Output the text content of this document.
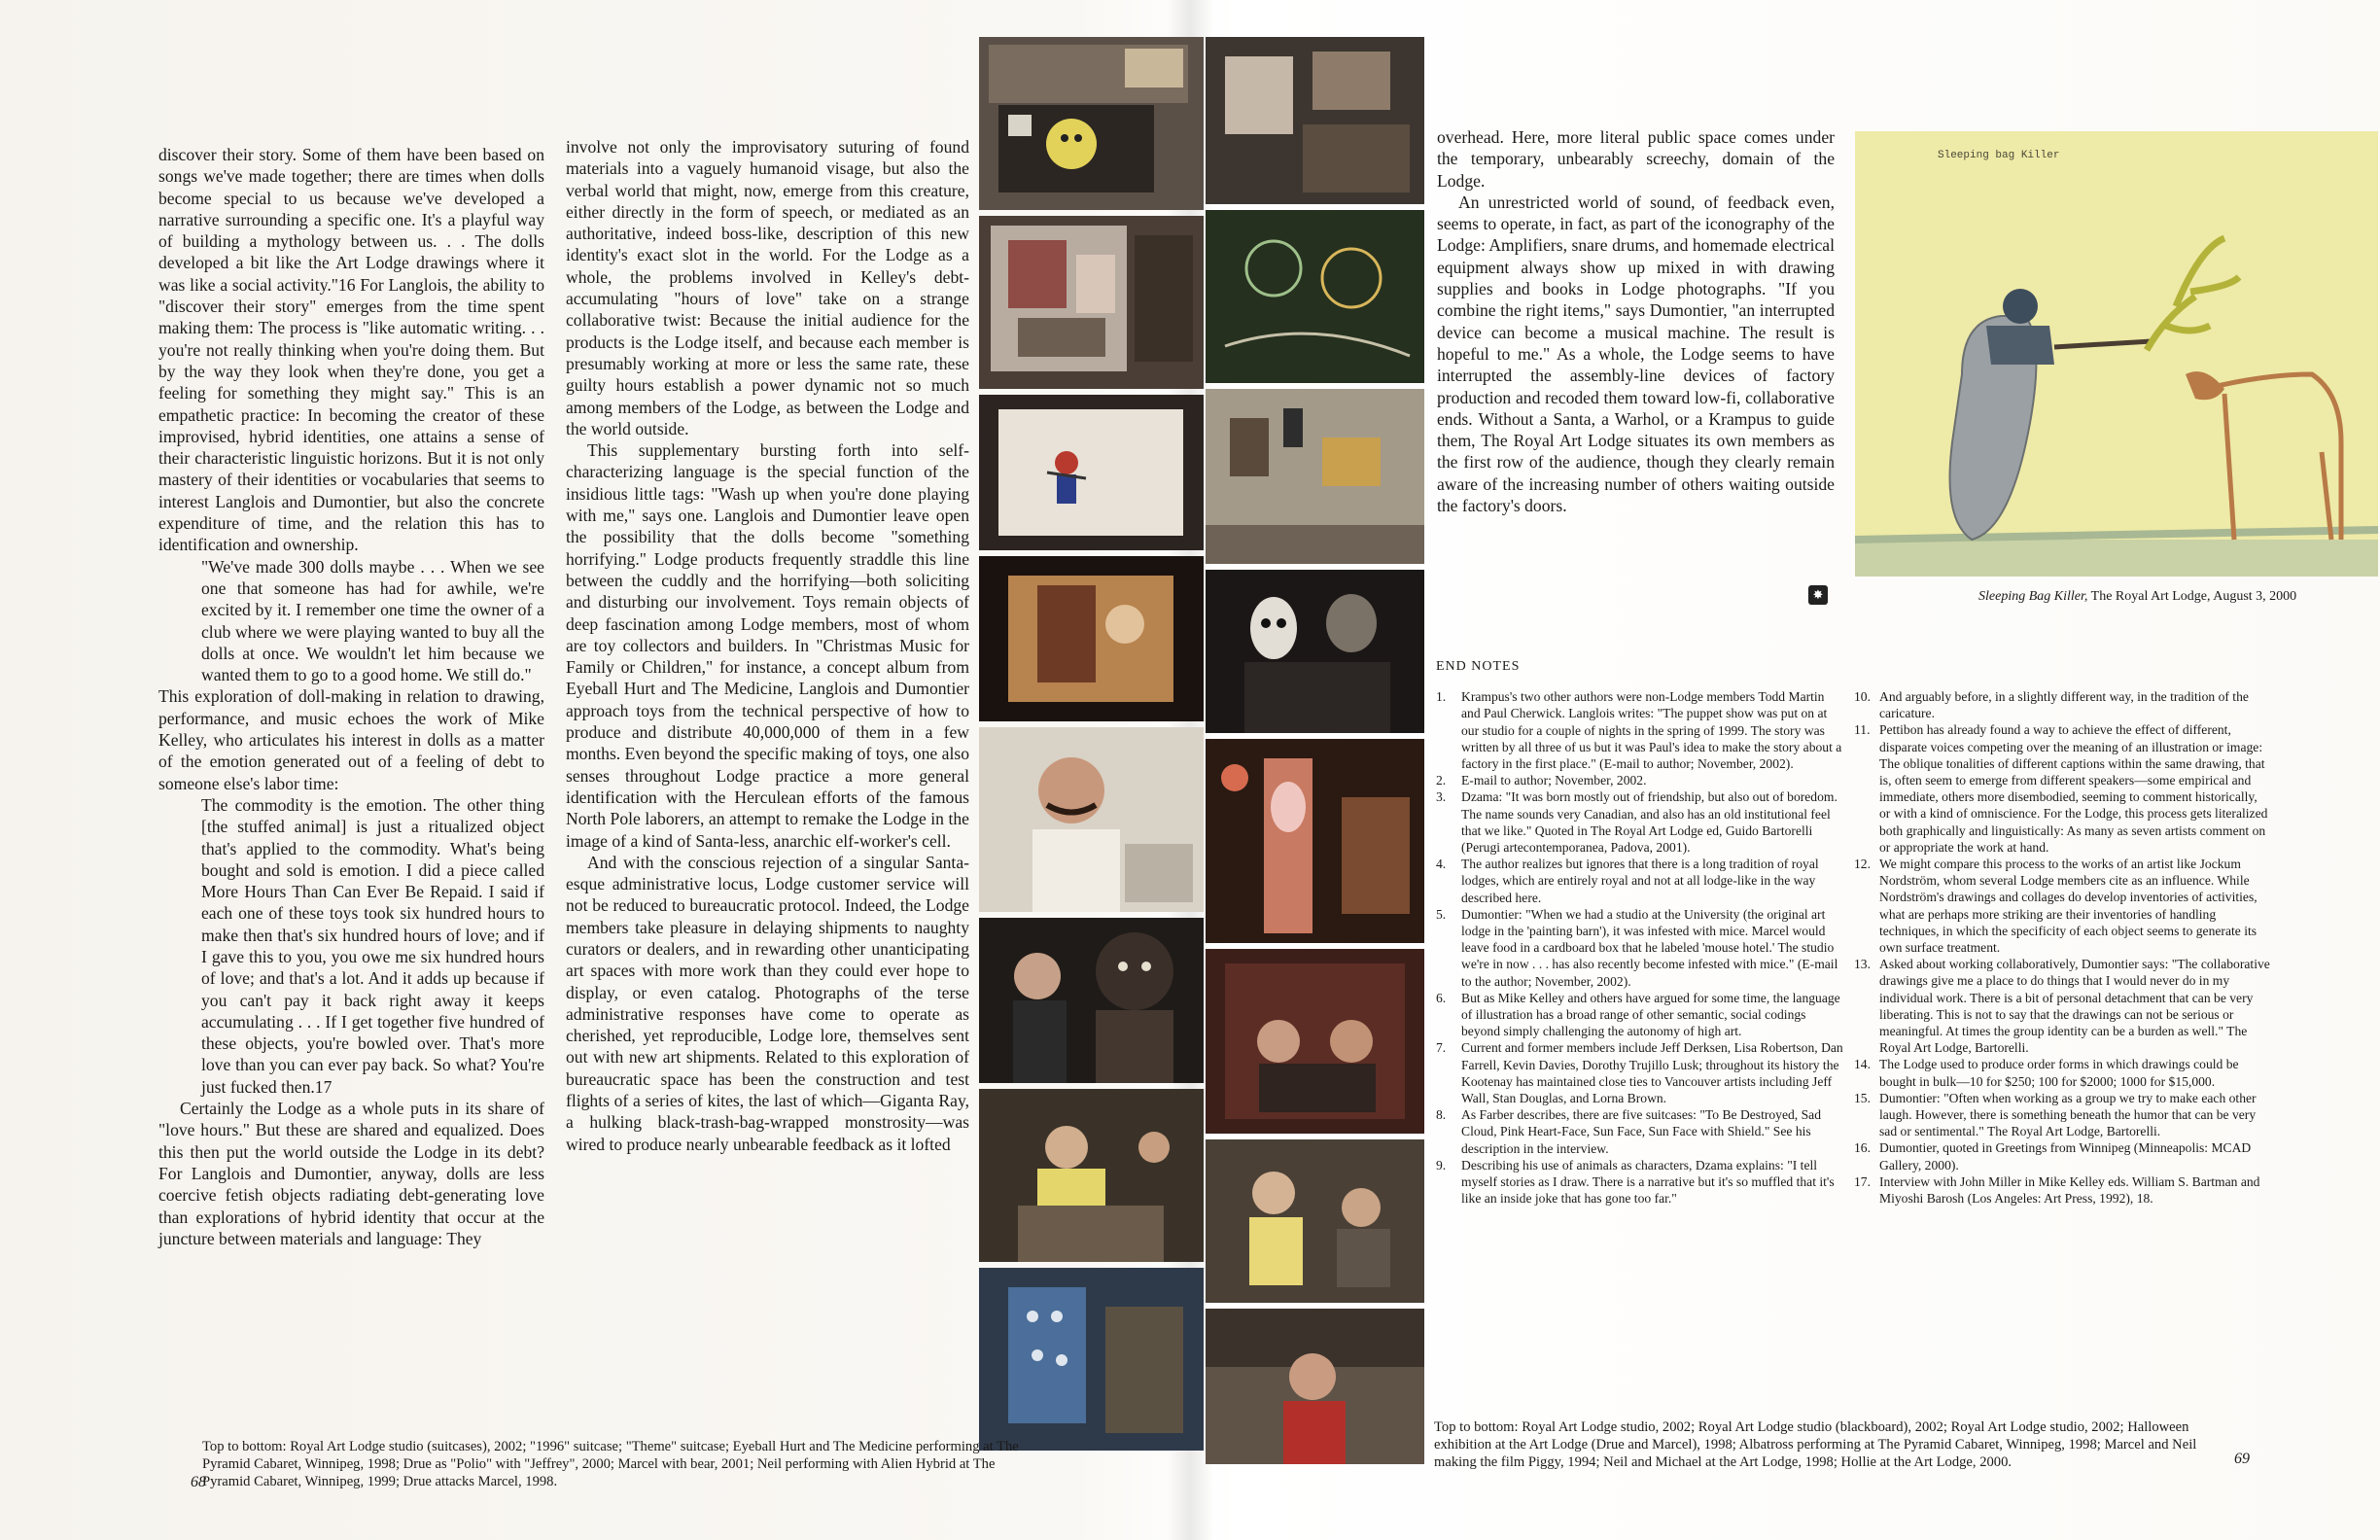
discover their story. Some of them have been based on songs we've made together; there are times when dolls become special to us because we've developed a narrative surrounding a specific one. It's a playful way of building a mythology between us. . . The dolls developed a bit like the Art Lodge drawings where it was like a social activity."16 For Langlois, the ability to "discover their story" emerges from the time spent making them: The process is "like automatic writing. . . you're not really thinking when you're doing them. But by the way they look when they're done, you get a feeling for something they might say." This is an empathetic practice: In becoming the creator of these improvised, hybrid identities, one attains a sense of their characteristic linguistic horizons. But it is not only mastery of their identities or vocabularies that seems to interest Langlois and Dumontier, but also the concrete expenditure of time, and the relation this has to identification and ownership.

"We've made 300 dolls maybe . . . When we see one that someone has had for awhile, we're excited by it. I remember one time the owner of a club where we were playing wanted to buy all the dolls at once. We wouldn't let him because we wanted them to go to a good home. We still do."

This exploration of doll-making in relation to drawing, performance, and music echoes the work of Mike Kelley, who articulates his interest in dolls as a matter of the emotion generated out of a feeling of debt to someone else's labor time:

The commodity is the emotion. The other thing [the stuffed animal] is just a ritualized object that's applied to the commodity. What's being bought and sold is emotion. I did a piece called More Hours Than Can Ever Be Repaid. I said if each one of these toys took six hundred hours to make then that's six hundred hours of love; and if I gave this to you, you owe me six hundred hours of love; and that's a lot. And it adds up because if you can't pay it back right away it keeps accumulating . . . If I get together five hundred of these objects, you're bowled over. That's more love than you can ever pay back. So what? You're just fucked then.17

Certainly the Lodge as a whole puts in its share of "love hours." But these are shared and equalized. Does this then put the world outside the Lodge in its debt? For Langlois and Dumontier, anyway, dolls are less coercive fetish objects radiating debt-generating love than explorations of hybrid identity that occur at the juncture between materials and language: They

involve not only the improvisatory suturing of found materials into a vaguely humanoid visage, but also the verbal world that might, now, emerge from this creature, either directly in the form of speech, or mediated as an authoritative, indeed boss-like, description of this new identity's exact slot in the world. For the Lodge as a whole, the problems involved in Kelley's debt-accumulating "hours of love" take on a strange collaborative twist: Because the initial audience for the products is the Lodge itself, and because each member is presumably working at more or less the same rate, these guilty hours establish a power dynamic not so much among members of the Lodge, as between the Lodge and the world outside.

This supplementary bursting forth into self-characterizing language is the special function of the insidious little tags: "Wash up when you're done playing with me," says one. Langlois and Dumontier leave open the possibility that the dolls become "something horrifying." Lodge products frequently straddle this line between the cuddly and the horrifying—both soliciting and disturbing our involvement. Toys remain objects of deep fascination among Lodge members, most of whom are toy collectors and builders. In "Christmas Music for Family or Children," for instance, a concept album from Eyeball Hurt and The Medicine, Langlois and Dumontier approach toys from the technical perspective of how to produce and distribute 40,000,000 of them in a few months. Even beyond the specific making of toys, one also senses throughout Lodge practice a more general identification with the Herculean efforts of the famous North Pole laborers, an attempt to remake the Lodge in the image of a kind of Santa-less, anarchic elf-worker's cell.

And with the conscious rejection of a singular Santa-esque administrative locus, Lodge customer service will not be reduced to bureaucratic protocol. Indeed, the Lodge members take pleasure in delaying shipments to naughty curators or dealers, and in rewarding other unanticipating art spaces with more work than they could ever hope to display, or even catalog. Photographs of the terse administrative responses have come to operate as cherished, yet reproducible, Lodge lore, themselves sent out with new art shipments. Related to this exploration of bureaucratic space has been the construction and test flights of a series of kites, the last of which—Giganta Ray, a hulking black-trash-bag-wrapped monstrosity—was wired to produce nearly unbearable feedback as it lofted

Top to bottom: Royal Art Lodge studio (suitcases), 2002; "1996" suitcase; "Theme" suitcase; Eyeball Hurt and The Medicine performing at The Pyramid Cabaret, Winnipeg, 1998; Drue as "Polio" with "Jeffrey", 2000; Marcel with bear, 2001; Neil performing with Alien Hybrid at The Pyramid Cabaret, Winnipeg, 1999; Drue attacks Marcel, 1998.
68

overhead. Here, more literal public space comes under the temporary, unbearably screechy, domain of the Lodge.

An unrestricted world of sound, of feedback even, seems to operate, in fact, as part of the iconography of the Lodge: Amplifiers, snare drums, and homemade electrical equipment always show up mixed in with drawing supplies and books in Lodge photographs. "If you combine the right items," says Dumontier, "an interrupted device can become a musical machine. The result is hopeful to me." As a whole, the Lodge seems to have interrupted the assembly-line devices of factory production and recoded them toward low-fi, collaborative ends. Without a Santa, a Warhol, or a Krampus to guide them, The Royal Art Lodge situates its own members as the first row of the audience, though they clearly remain aware of the increasing number of others waiting outside the factory's doors.

✸
Sleeping bag Killer
Sleeping Bag Killer, The Royal Art Lodge, August 3, 2000
END NOTES
1.	Krampus's two other authors were non-Lodge members Todd Martin and Paul Cherwick. Langlois writes: "The puppet show was put on at our studio for a couple of nights in the spring of 1999. The story was written by all three of us but it was Paul's idea to make the story about a factory in the first place." (E-mail to author; November, 2002).
2.	E-mail to author; November, 2002.
3.	Dzama: "It was born mostly out of friendship, but also out of boredom. The name sounds very Canadian, and also has an old institutional feel that we like." Quoted in The Royal Art Lodge ed, Guido Bartorelli (Perugi artecontemporanea, Padova, 2001).
4.	The author realizes but ignores that there is a long tradition of royal lodges, which are entirely royal and not at all lodge-like in the way described here.
5.	Dumontier: "When we had a studio at the University (the original art lodge in the 'painting barn'), it was infested with mice. Marcel would leave food in a cardboard box that he labeled 'mouse hotel.' The studio we're in now . . . has also recently become infested with mice." (E-mail to the author; November, 2002).
6.	But as Mike Kelley and others have argued for some time, the language of illustration has a broad range of other semantic, social codings beyond simply challenging the autonomy of high art.
7.	Current and former members include Jeff Derksen, Lisa Robertson, Dan Farrell, Kevin Davies, Dorothy Trujillo Lusk; throughout its history the Kootenay has maintained close ties to Vancouver artists including Jeff Wall, Stan Douglas, and Lorna Brown.
8.	As Farber describes, there are five suitcases: "To Be Destroyed, Sad Cloud, Pink Heart-Face, Sun Face, Sun Face with Shield." See his description in the interview.
9.	Describing his use of animals as characters, Dzama explains: "I tell myself stories as I draw. There is a narrative but it's so muffled that it's like an inside joke that has gone too far."
10. And arguably before, in a slightly different way, in the tradition of the caricature.
11. Pettibon has already found a way to achieve the effect of different, disparate voices competing over the meaning of an illustration or image: The oblique tonalities of different captions within the same drawing, that is, often seem to emerge from different speakers—some empirical and immediate, others more disembodied, seeming to comment historically, or with a kind of omniscience. For the Lodge, this process gets literalized both graphically and linguistically: As many as seven artists comment on or appropriate the work at hand.
12. We might compare this process to the works of an artist like Jockum Nordström, whom several Lodge members cite as an influence. While Nordström's drawings and collages do develop inventories of activities, what are perhaps more striking are their inventories of handling techniques, in which the specificity of each object seems to generate its own surface treatment.
13. Asked about working collaboratively, Dumontier says: "The collaborative drawings give me a place to do things that I would never do in my individual work. There is a bit of personal detachment that can be very liberating. This is not to say that the drawings can not be serious or meaningful. At times the group identity can be a burden as well." The Royal Art Lodge, Bartorelli.
14. The Lodge used to produce order forms in which drawings could be bought in bulk—10 for $250; 100 for $2000; 1000 for $15,000.
15. Dumontier: "Often when working as a group we try to make each other laugh. However, there is something beneath the humor that can be very sad or sentimental." The Royal Art Lodge, Bartorelli.
16. Dumontier, quoted in Greetings from Winnipeg (Minneapolis: MCAD Gallery, 2000).
17. Interview with John Miller in Mike Kelley eds. William S. Bartman and Miyoshi Barosh (Los Angeles: Art Press, 1992), 18.
Top to bottom: Royal Art Lodge studio, 2002; Royal Art Lodge studio (blackboard), 2002; Royal Art Lodge studio, 2002; Halloween exhibition at the Art Lodge (Drue and Marcel), 1998; Albatross performing at The Pyramid Cabaret, Winnipeg, 1998; Marcel and Neil making the film Piggy, 1994; Neil and Michael at the Art Lodge, 1998; Hollie at the Art Lodge, 2000.	69
